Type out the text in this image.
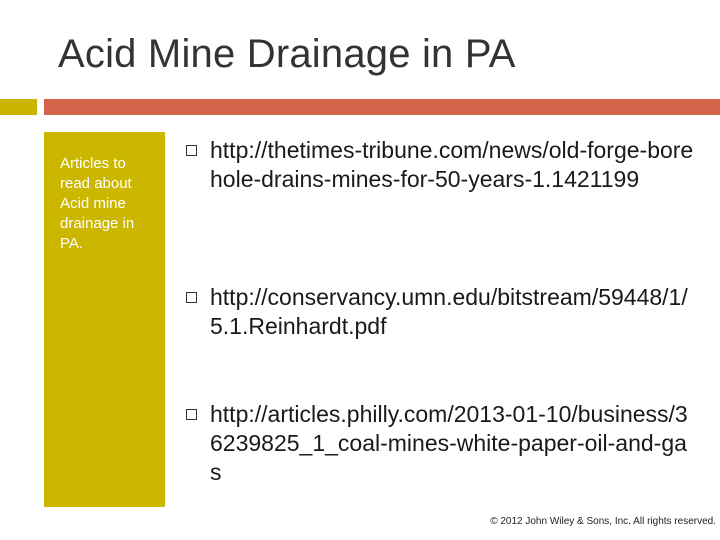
Acid Mine Drainage in PA

Articles to read about Acid mine drainage in PA.

http://thetimes-tribune.com/news/old-forge-borehole-drains-mines-for-50-years-1.1421199
http://conservancy.umn.edu/bitstream/59448/1/5.1.Reinhardt.pdf
http://articles.philly.com/2013-01-10/business/36239825_1_coal-mines-white-paper-oil-and-gas
© 2012 John Wiley & Sons, Inc. All rights reserved.
